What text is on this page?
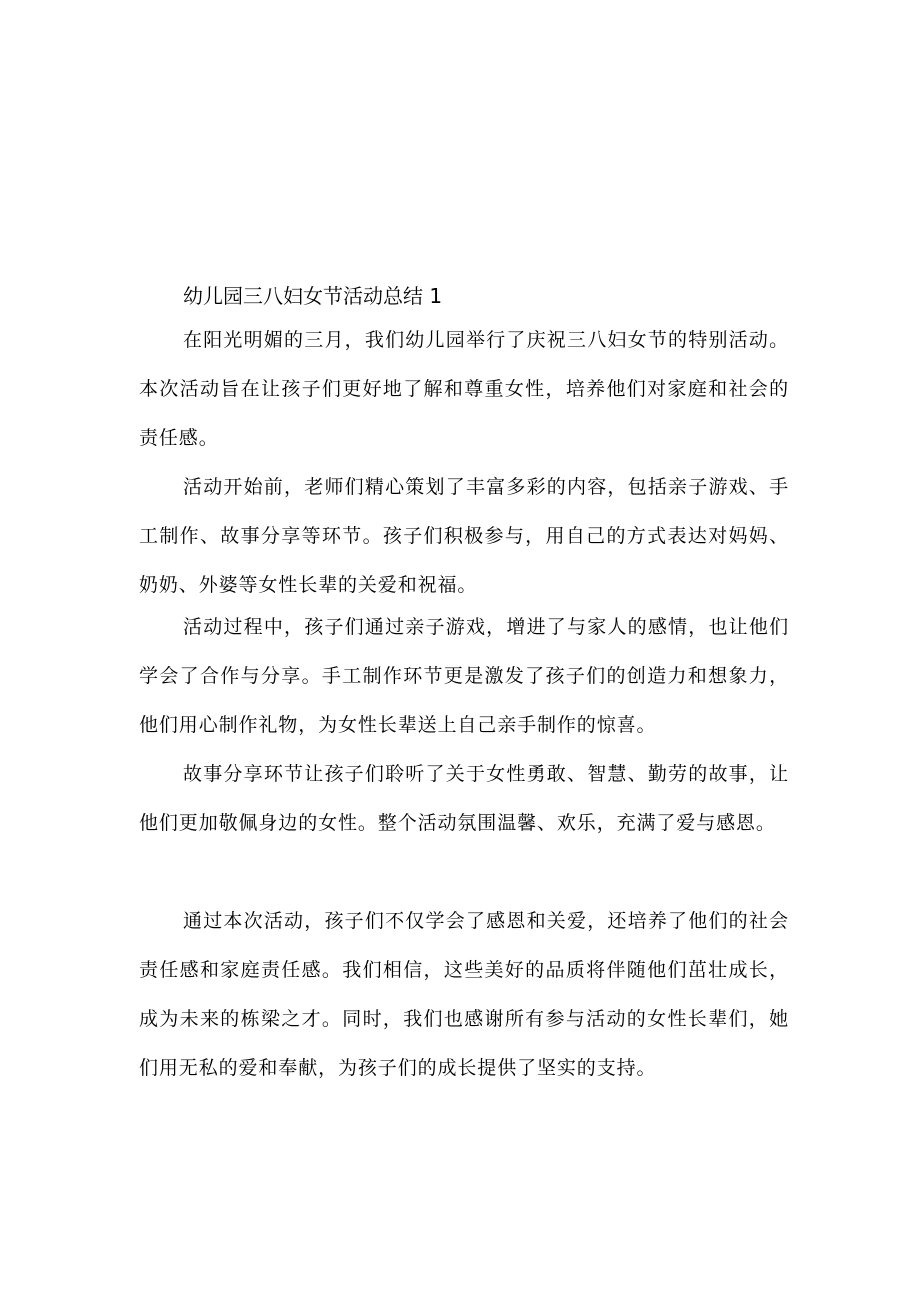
幼儿园三八妇女节活动总结 1

在阳光明媚的三月，我们幼儿园举行了庆祝三八妇女节的特别活动。本次活动旨在让孩子们更好地了解和尊重女性，培养他们对家庭和社会的责任感。

活动开始前，老师们精心策划了丰富多彩的内容，包括亲子游戏、手工制作、故事分享等环节。孩子们积极参与，用自己的方式表达对妈妈、奶奶、外婆等女性长辈的关爱和祝福。

活动过程中，孩子们通过亲子游戏，增进了与家人的感情，也让他们学会了合作与分享。手工制作环节更是激发了孩子们的创造力和想象力，他们用心制作礼物，为女性长辈送上自己亲手制作的惊喜。

故事分享环节让孩子们聆听了关于女性勇敢、智慧、勤劳的故事，让他们更加敬佩身边的女性。整个活动氛围温馨、欢乐，充满了爱与感恩。

通过本次活动，孩子们不仅学会了感恩和关爱，还培养了他们的社会责任感和家庭责任感。我们相信，这些美好的品质将伴随他们茁壮成长，成为未来的栋梁之才。同时，我们也感谢所有参与活动的女性长辈们，她们用无私的爱和奉献，为孩子们的成长提供了坚实的支持。
